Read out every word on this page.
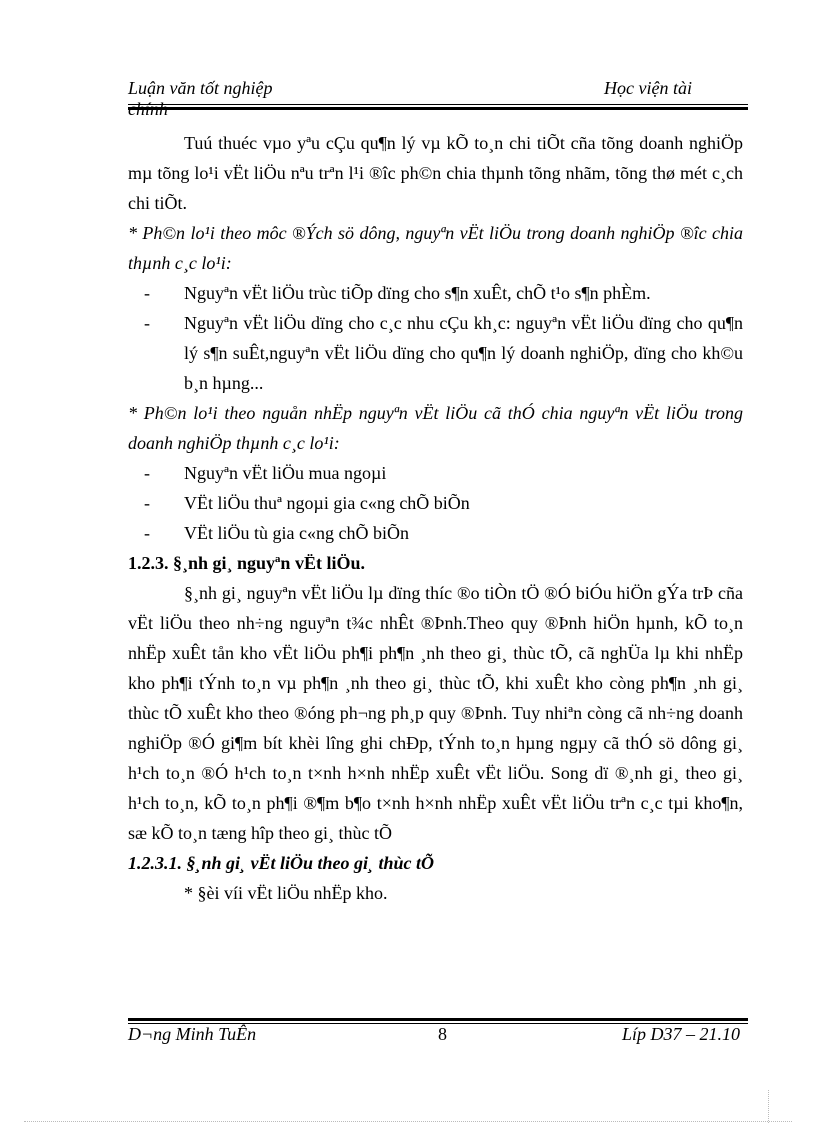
Luận văn tốt nghiệp	Học viện tài

Tuú thuéc vµo yªu cÇu qu¶n lý vµ kÕ to¸n chi tiÕt cña tõng doanh nghiÖp mµ tõng lo¹i vËt liÖu nªu trªn l¹i ®îc ph©n chia thµnh tõng nhãm, tõng thø mét c¸ch chi tiÕt.

* Ph©n lo¹i theo môc ®Ých sö dông, nguyªn vËt liÖu trong doanh nghiÖp ®îc chia thµnh c¸c lo¹i:

- Nguyªn vËt liÖu trùc tiÕp dïng cho s¶n xuÊt, chÕ t¹o s¶n phÈm.

- Nguyªn vËt liÖu dïng cho c¸c nhu cÇu kh¸c: nguyªn vËt liÖu dïng cho qu¶n lý s¶n suÊt,nguyªn vËt liÖu dïng cho qu¶n lý doanh nghiÖp, dïng cho kh©u b¸n hµng...

* Ph©n lo¹i theo nguån nhËp nguyªn vËt liÖu cã thÓ chia nguyªn vËt liÖu trong doanh nghiÖp thµnh c¸c lo¹i:

- Nguyªn vËt liÖu mua ngoµi

- VËt liÖu thuª ngoµi gia c«ng chÕ biÕn

- VËt liÖu tù gia c«ng chÕ biÕn

1.2.3. §¸nh gi¸ nguyªn vËt liÖu.

§¸nh gi¸ nguyªn vËt liÖu lµ dïng thíc ®o tiÒn tÖ ®Ó biÓu hiÖn gÝa trÞ cña vËt liÖu theo nh÷ng nguyªn t¾c nhÊt ®Þnh.Theo quy ®Þnh hiÖn hµnh, kÕ to¸n nhËp xuÊt tån kho vËt liÖu ph¶i ph¶n ¸nh theo gi¸ thùc tÕ, cã nghÜa lµ khi nhËp kho ph¶i tÝnh to¸n vµ ph¶n ¸nh theo gi¸ thùc tÕ, khi xuÊt kho còng ph¶n ¸nh gi¸ thùc tÕ xuÊt kho theo ®óng ph¬ng ph¸p quy ®Þnh. Tuy nhiªn còng cã nh÷ng doanh nghiÖp ®Ó gi¶m bít khèi lîng ghi chÐp, tÝnh to¸n hµng ngµy cã thÓ sö dông gi¸ h¹ch to¸n ®Ó h¹ch to¸n t×nh h×nh nhËp xuÊt vËt liÖu. Song dï ®¸nh gi¸ theo gi¸ h¹ch to¸n, kÕ to¸n ph¶i ®¶m b¶o t×nh h×nh nhËp xuÊt vËt liÖu trªn c¸c tµi kho¶n, sæ kÕ to¸n tæng hîp theo gi¸ thùc tÕ

1.2.3.1. §¸nh gi¸ vËt liÖu theo gi¸ thùc tÕ

* §èi víi vËt liÖu nhËp kho.

D¬ng Minh TuÊn	8	Líp D37 – 21.10
